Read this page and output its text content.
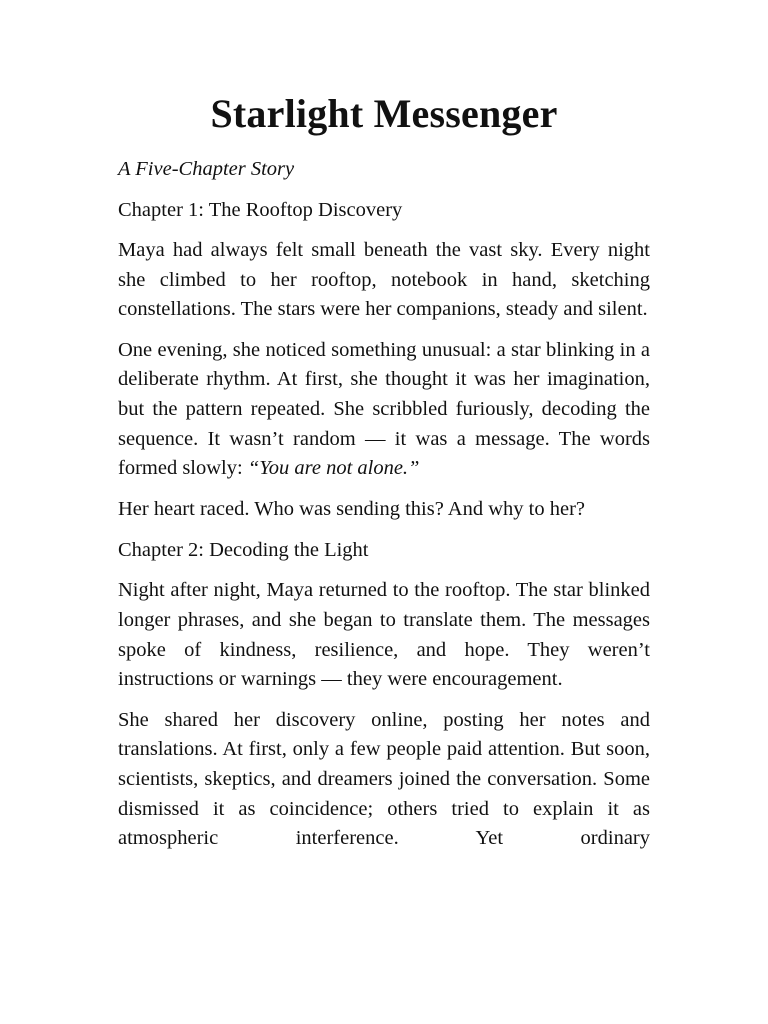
Starlight Messenger
A Five-Chapter Story
Chapter 1: The Rooftop Discovery

Maya had always felt small beneath the vast sky. Every night she climbed to her rooftop, notebook in hand, sketching constellations. The stars were her companions, steady and silent.

One evening, she noticed something unusual: a star blinking in a deliberate rhythm. At first, she thought it was her imagination, but the pattern repeated. She scribbled furiously, decoding the sequence. It wasn’t random — it was a message. The words formed slowly: “You are not alone.”

Her heart raced. Who was sending this? And why to her?

Chapter 2: Decoding the Light

Night after night, Maya returned to the rooftop. The star blinked longer phrases, and she began to translate them. The messages spoke of kindness, resilience, and hope. They weren’t instructions or warnings — they were encouragement.

She shared her discovery online, posting her notes and translations. At first, only a few people paid attention. But soon, scientists, skeptics, and dreamers joined the conversation. Some dismissed it as coincidence; others tried to explain it as atmospheric interference. Yet ordinary
